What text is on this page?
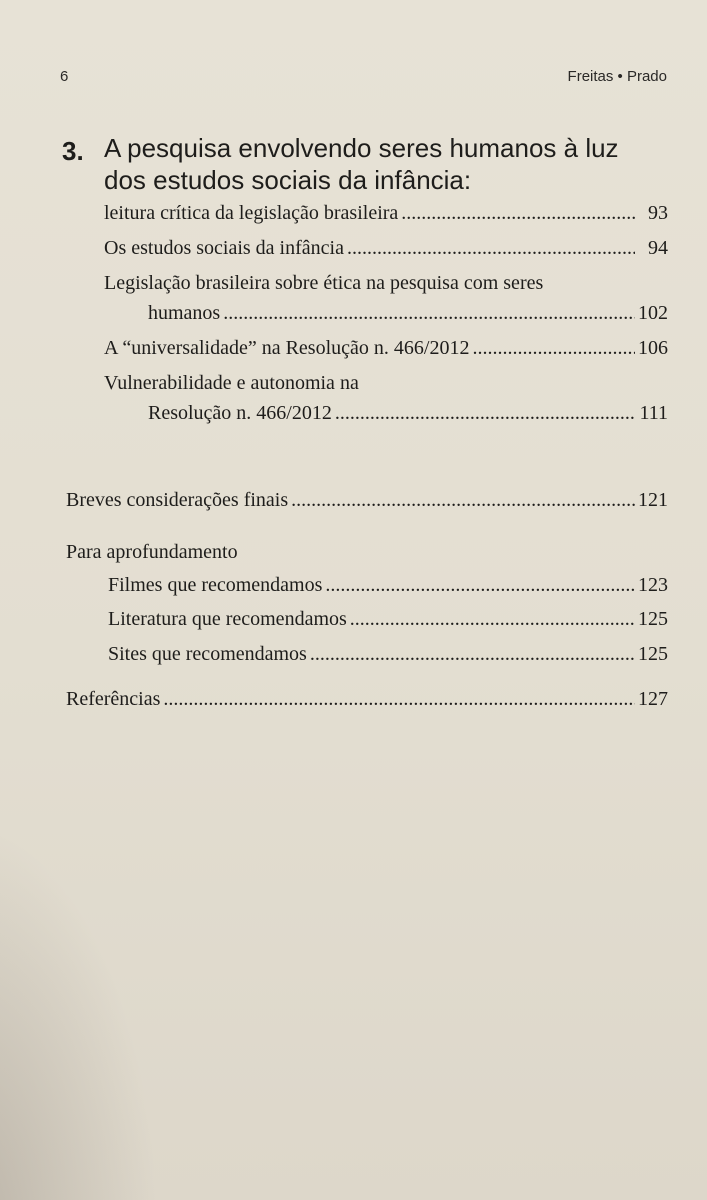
6	Freitas • Prado
3. A pesquisa envolvendo seres humanos à luz
dos estudos sociais da infância:
leitura crítica da legislação brasileira .....	93
Os estudos sociais da infância .....	94
Legislação brasileira sobre ética na pesquisa com seres
humanos .....	102
A “universalidade” na Resolução n. 466/2012 .....	106
Vulnerabilidade e autonomia na
Resolução n. 466/2012 .....	111
Breves considerações finais .....	121
Para aprofundamento
Filmes que recomendamos .....	123
Literatura que recomendamos .....	125
Sites que recomendamos .....	125
Referências .....	127
